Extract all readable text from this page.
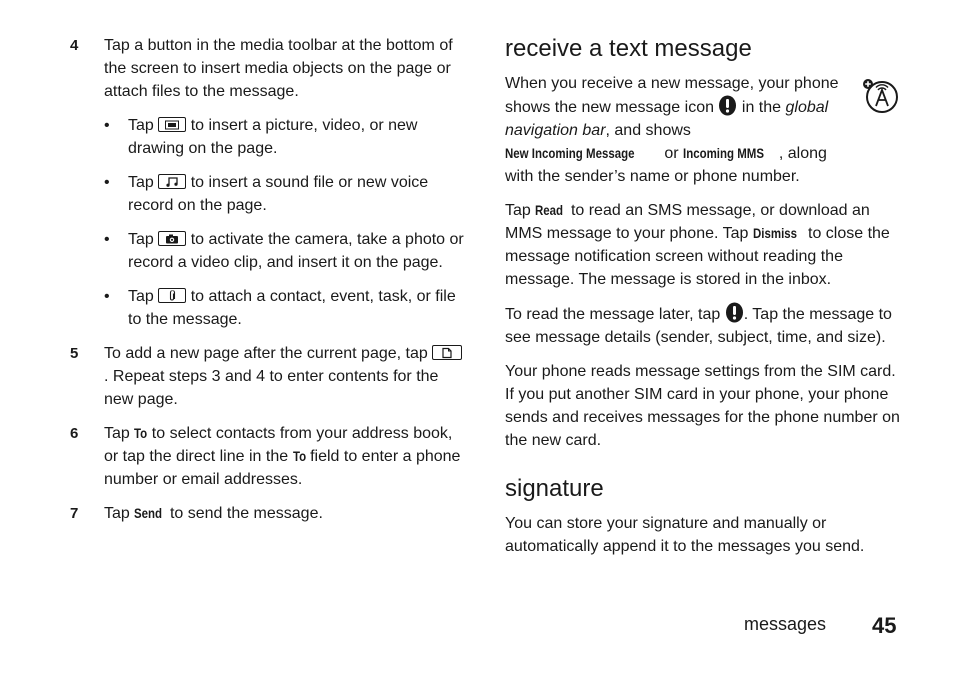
4 Tap a button in the media toolbar at the bottom of the screen to insert media objects on the page or attach files to the message.

• Tap to insert a picture, video, or new drawing on the page.
• Tap to insert a sound file or new voice record on the page.
• Tap to activate the camera, take a photo or record a video clip, and insert it on the page.
• Tap to attach a contact, event, task, or file to the message.
5 To add a new page after the current page, tap
. Repeat steps 3 and 4 to enter contents for the new page.

6 Tap To to select contacts from your address book, or tap the direct line in the To field to enter a phone number or email addresses.

7 Tap Send to send the message.

receive a text message

When you receive a new message, your phone shows the new message icon in the global navigation bar, and shows New Incoming Message or Incoming MMS , along with the sender’s name or phone number.

Tap Read to read an SMS message, or download an MMS message to your phone. Tap Dismiss to close the message notification screen without reading the message. The message is stored in the inbox.

To read the message later, tap . Tap the message to see message details (sender, subject, time, and size).

Your phone reads message settings from the SIM card. If you put another SIM card in your phone, your phone sends and receives messages for the phone number on the new card.

signature

You can store your signature and manually or automatically append it to the messages you send.

messages 45
